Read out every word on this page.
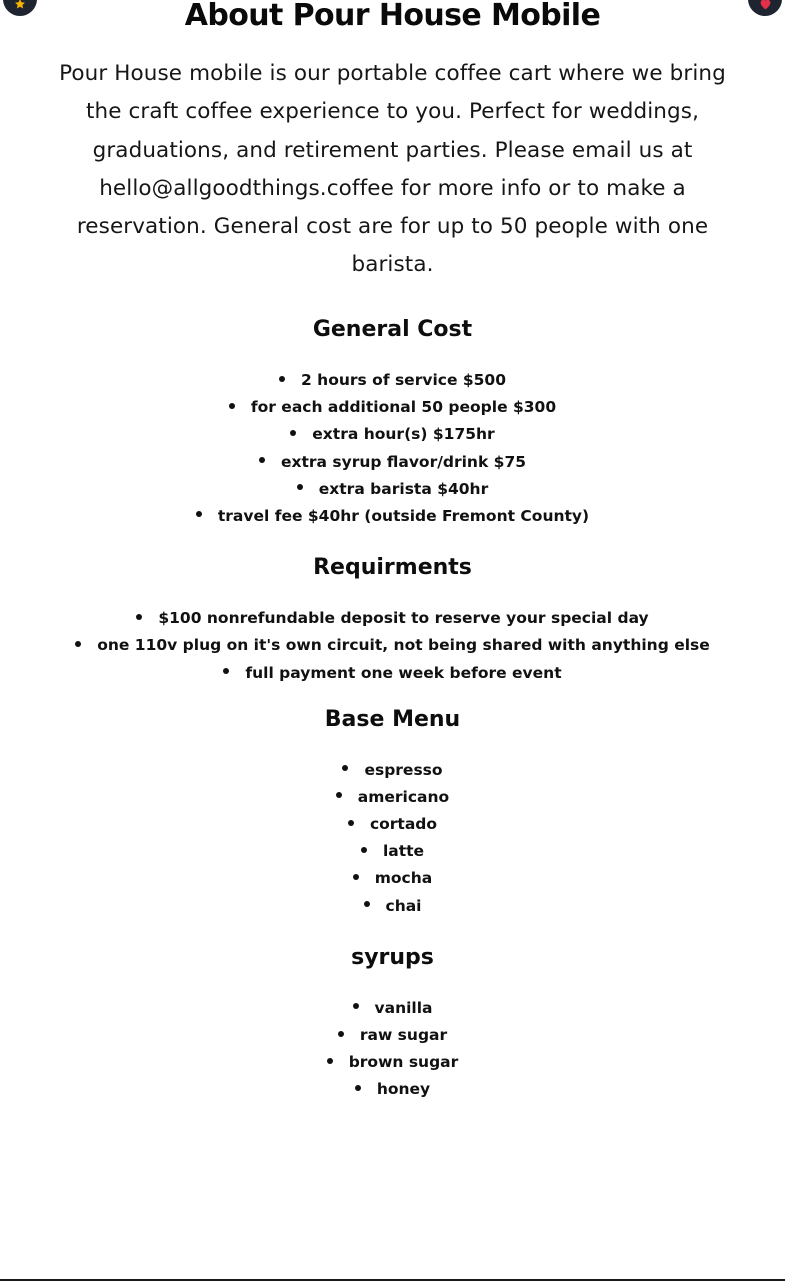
About Pour House Mobile

Pour House mobile is our portable coffee cart where we bring the craft coffee experience to you. Perfect for weddings, graduations, and retirement parties. Please email us at hello@allgoodthings.coffee for more info or to make a reservation. General cost are for up to 50 people with one barista.

General Cost
2 hours of service $500
for each additional 50 people $300
extra hour(s) $175hr
extra syrup flavor/drink $75
extra barista $40hr
travel fee $40hr (outside Fremont County)
Requirments
$100 nonrefundable deposit to reserve your special day
one 110v plug on it's own circuit, not being shared with anything else
full payment one week before event
Base Menu
espresso
americano
cortado
latte
mocha
chai
syrups
vanilla
raw sugar
brown sugar
honey
